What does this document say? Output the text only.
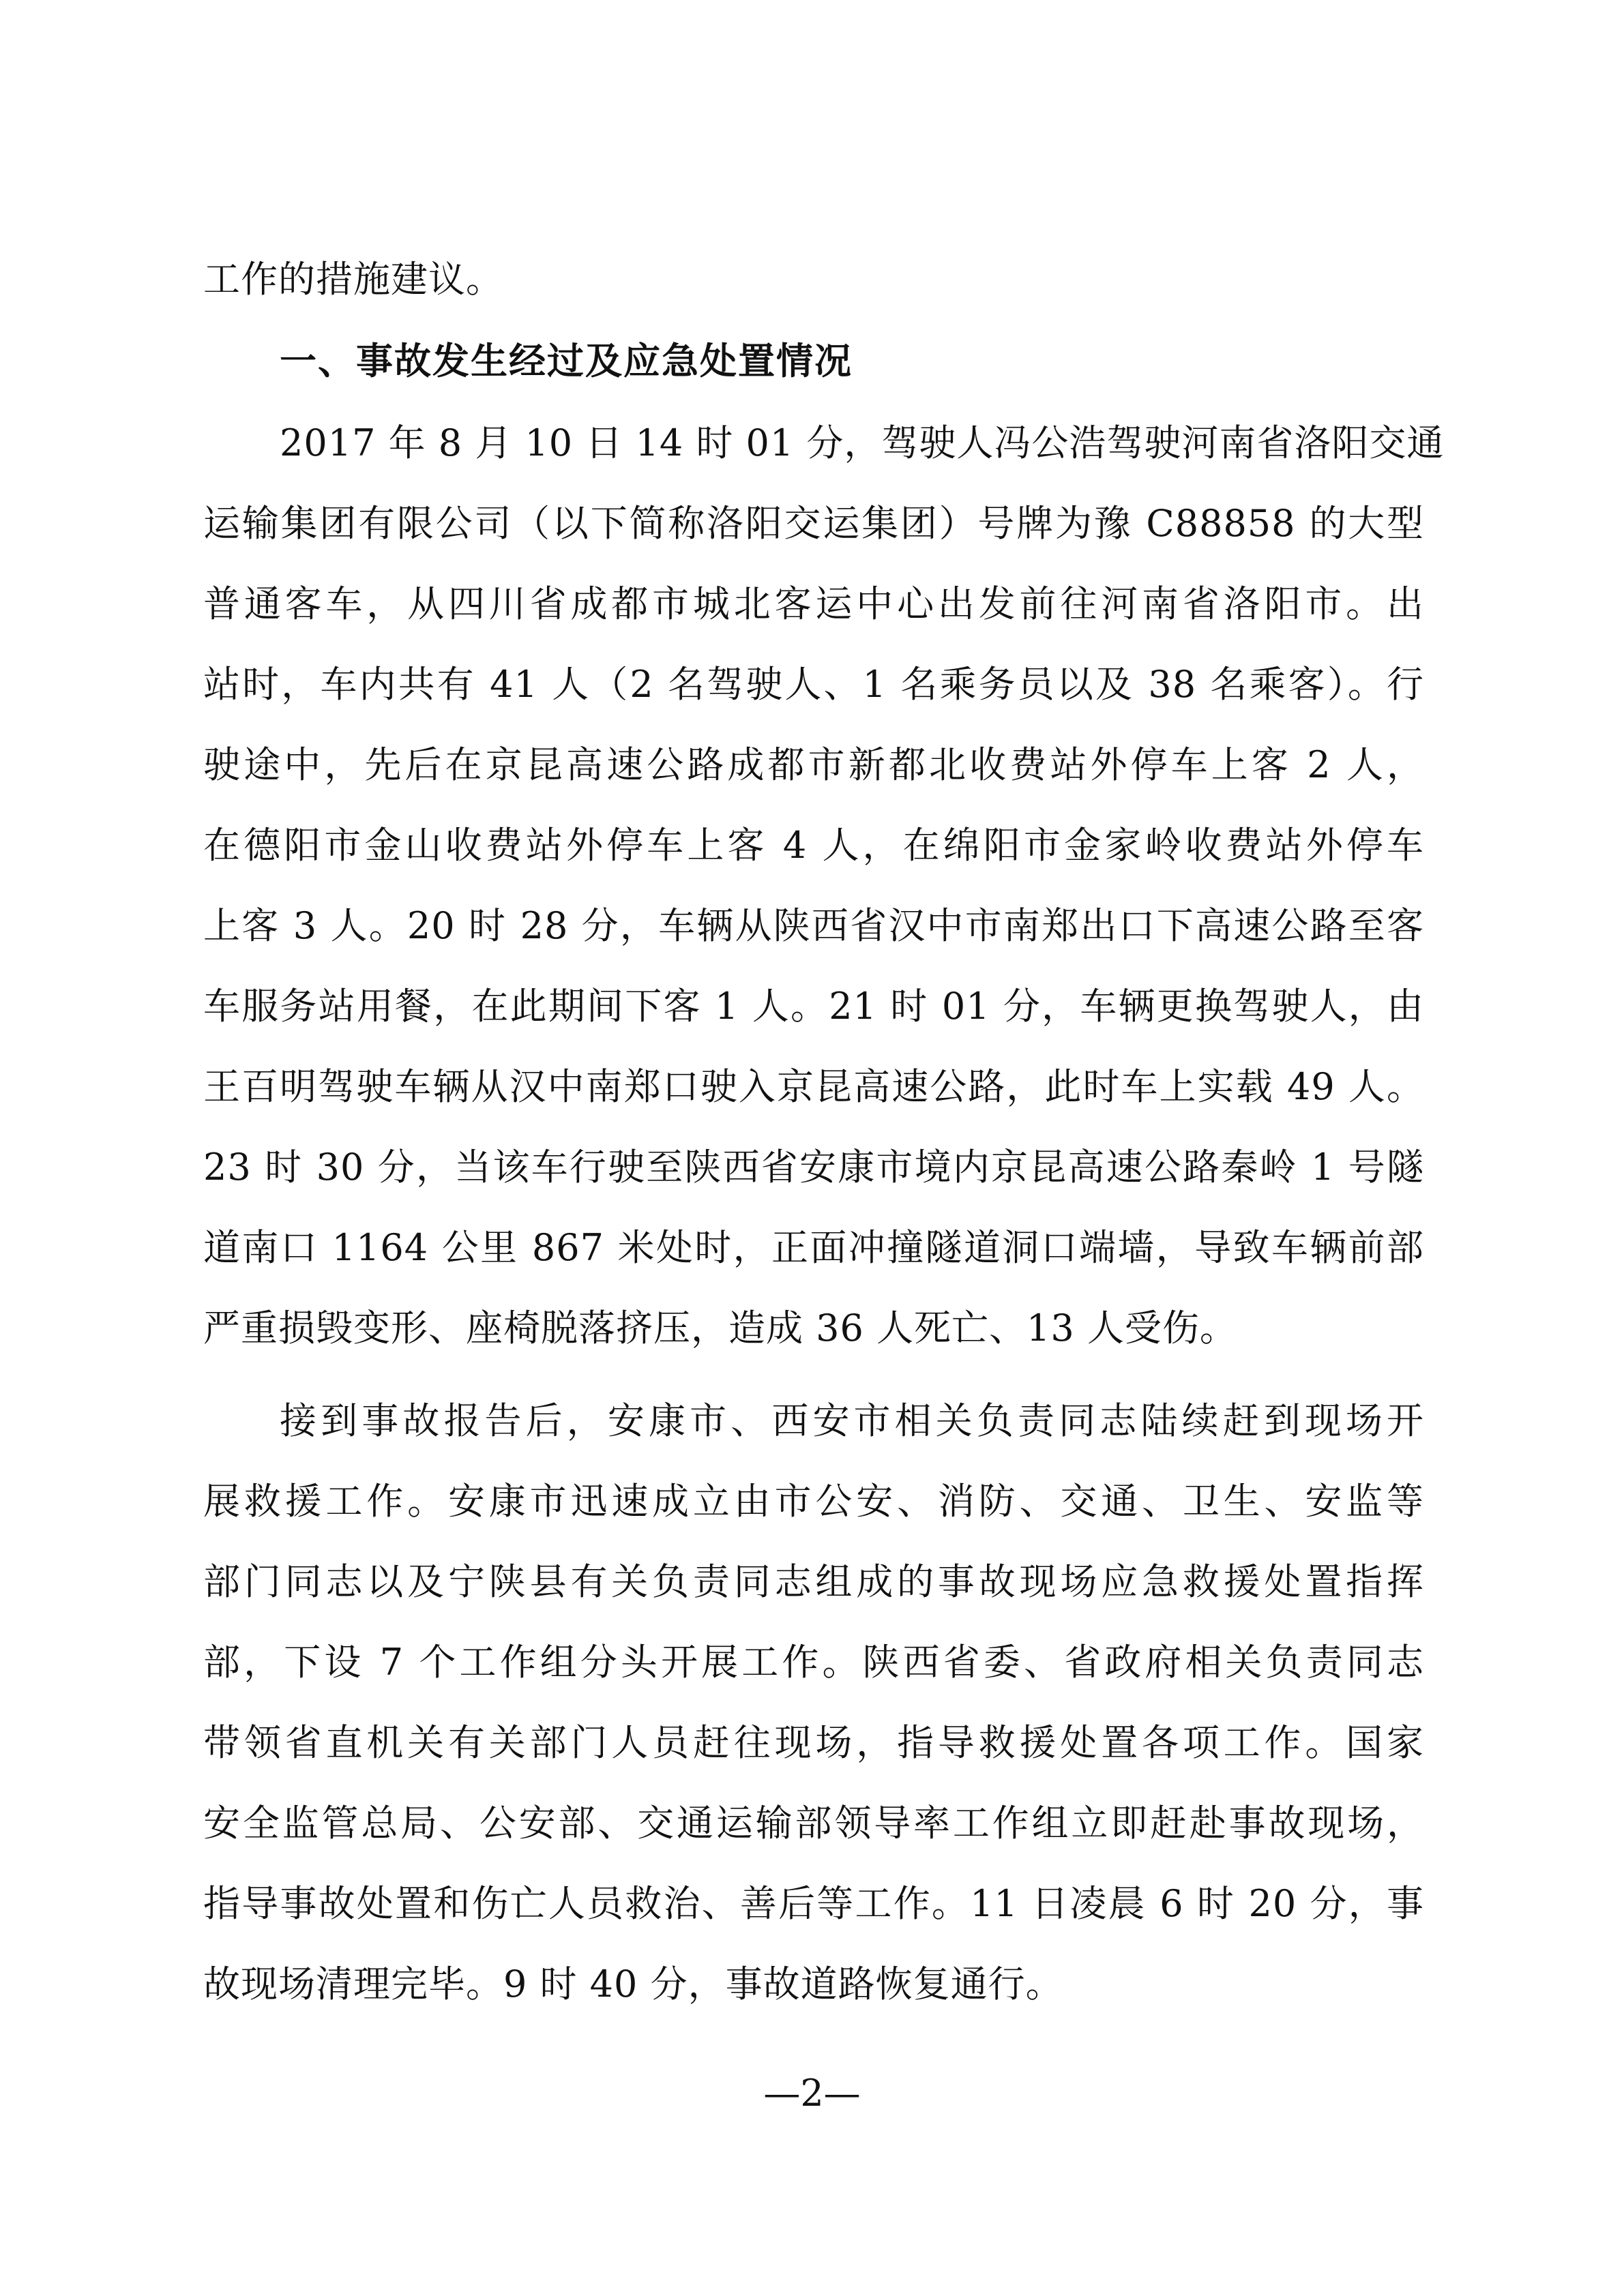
工作的措施建议。
一、事故发生经过及应急处置情况
2017 年 8 月 10 日 14 时 01 分，驾驶人冯公浩驾驶河南省洛阳交通
运输集团有限公司（以下简称洛阳交运集团）号牌为豫 C88858 的大型
普通客车，从四川省成都市城北客运中心出发前往河南省洛阳市。出
站时，车内共有 41 人（2 名驾驶人、1 名乘务员以及 38 名乘客）。行
驶途中，先后在京昆高速公路成都市新都北收费站外停车上客 2 人，
在德阳市金山收费站外停车上客 4 人，在绵阳市金家岭收费站外停车
上客 3 人。20 时 28 分，车辆从陕西省汉中市南郑出口下高速公路至客
车服务站用餐，在此期间下客 1 人。21 时 01 分，车辆更换驾驶人，由
王百明驾驶车辆从汉中南郑口驶入京昆高速公路，此时车上实载 49 人。
23 时 30 分，当该车行驶至陕西省安康市境内京昆高速公路秦岭 1 号隧
道南口 1164 公里 867 米处时，正面冲撞隧道洞口端墙，导致车辆前部
严重损毁变形、座椅脱落挤压，造成 36 人死亡、13 人受伤。
接到事故报告后，安康市、西安市相关负责同志陆续赶到现场开
展救援工作。安康市迅速成立由市公安、消防、交通、卫生、安监等
部门同志以及宁陕县有关负责同志组成的事故现场应急救援处置指挥
部，下设 7 个工作组分头开展工作。陕西省委、省政府相关负责同志
带领省直机关有关部门人员赶往现场，指导救援处置各项工作。国家
安全监管总局、公安部、交通运输部领导率工作组立即赶赴事故现场，
指导事故处置和伤亡人员救治、善后等工作。11 日凌晨 6 时 20 分，事
故现场清理完毕。9 时 40 分，事故道路恢复通行。
—2—
